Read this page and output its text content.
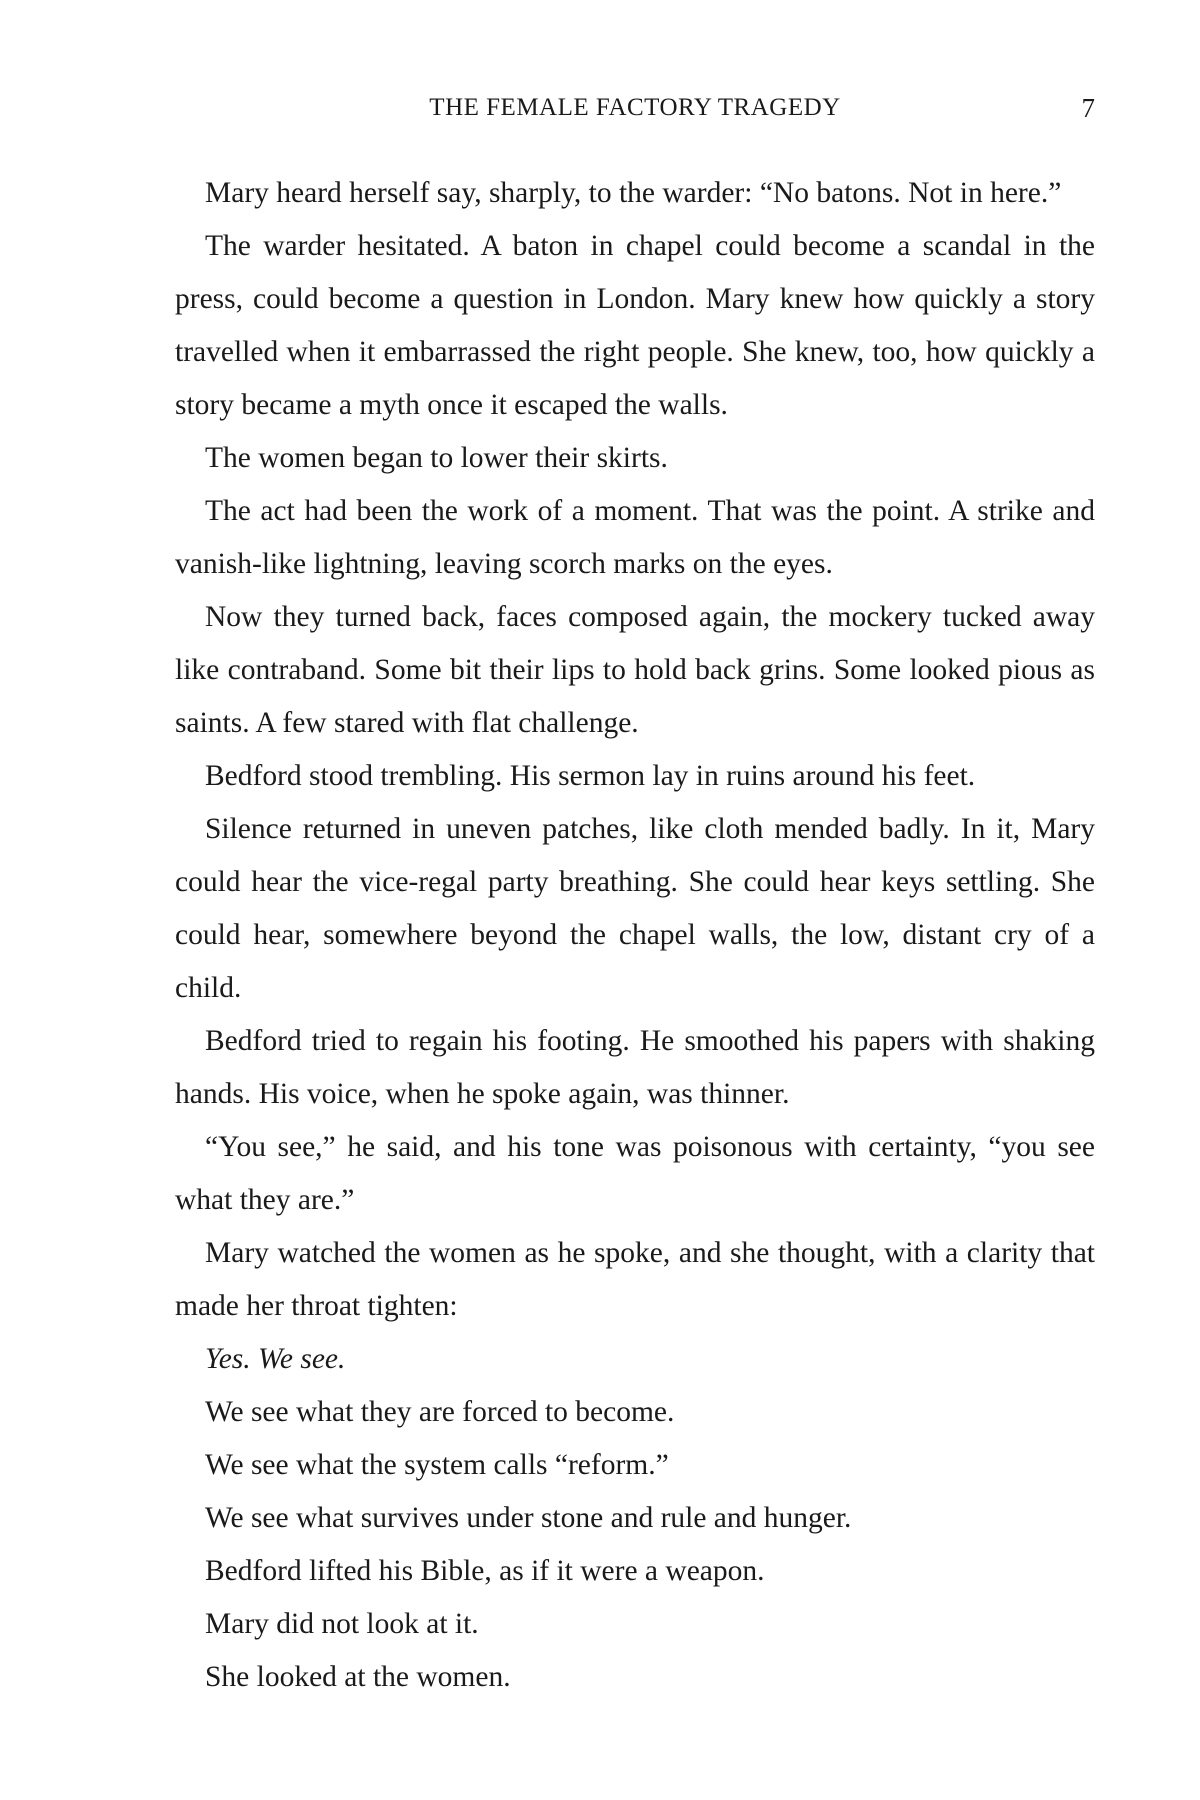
THE FEMALE FACTORY TRAGEDY	7

Mary heard herself say, sharply, to the warder: “No batons. Not in here.”

The warder hesitated. A baton in chapel could become a scandal in the press, could become a question in London. Mary knew how quickly a story travelled when it embarrassed the right people. She knew, too, how quickly a story became a myth once it escaped the walls.

The women began to lower their skirts.

The act had been the work of a moment. That was the point. A strike and vanish-like lightning, leaving scorch marks on the eyes.

Now they turned back, faces composed again, the mockery tucked away like contraband. Some bit their lips to hold back grins. Some looked pious as saints. A few stared with flat challenge.

Bedford stood trembling. His sermon lay in ruins around his feet.

Silence returned in uneven patches, like cloth mended badly. In it, Mary could hear the vice-regal party breathing. She could hear keys settling. She could hear, somewhere beyond the chapel walls, the low, distant cry of a child.

Bedford tried to regain his footing. He smoothed his papers with shaking hands. His voice, when he spoke again, was thinner.

“You see,” he said, and his tone was poisonous with certainty, “you see what they are.”

Mary watched the women as he spoke, and she thought, with a clarity that made her throat tighten:

Yes. We see.

We see what they are forced to become.

We see what the system calls “reform.”

We see what survives under stone and rule and hunger.

Bedford lifted his Bible, as if it were a weapon.

Mary did not look at it.

She looked at the women.
